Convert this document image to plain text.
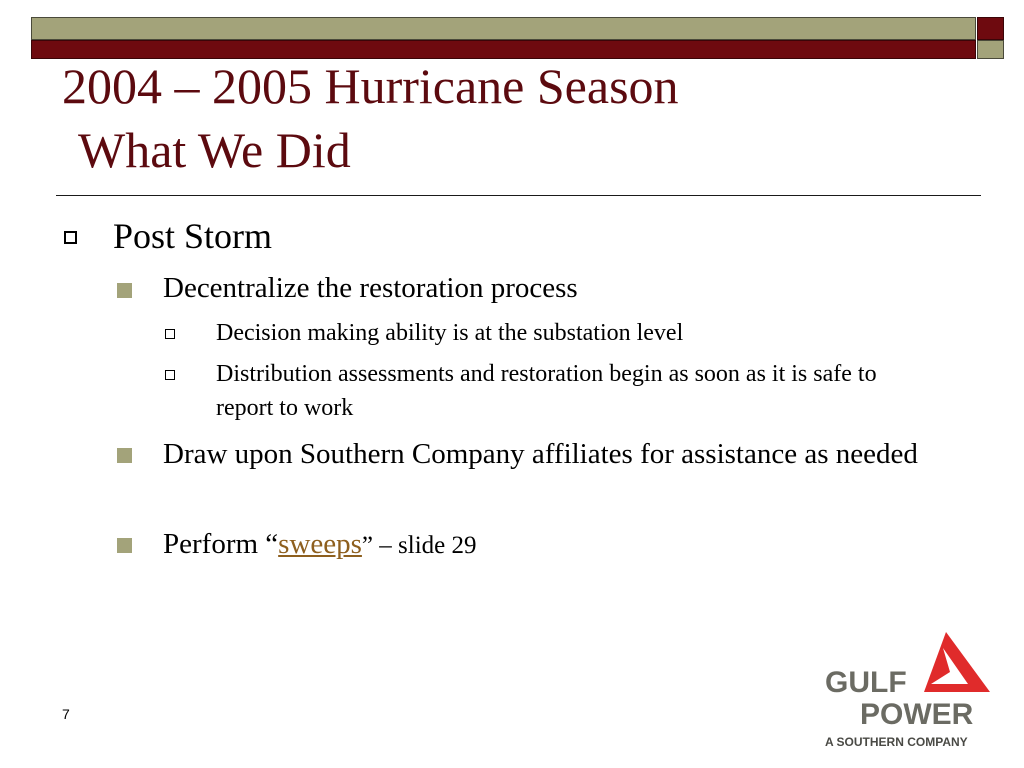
2004 – 2005 Hurricane Season
What We Did
Post Storm
Decentralize the restoration process
Decision making ability is at the substation level
Distribution assessments and restoration begin as soon as it is safe to report to work
Draw upon Southern Company affiliates for assistance as needed
Perform “sweeps” – slide 29
7
GULF
POWER
A SOUTHERN COMPANY
